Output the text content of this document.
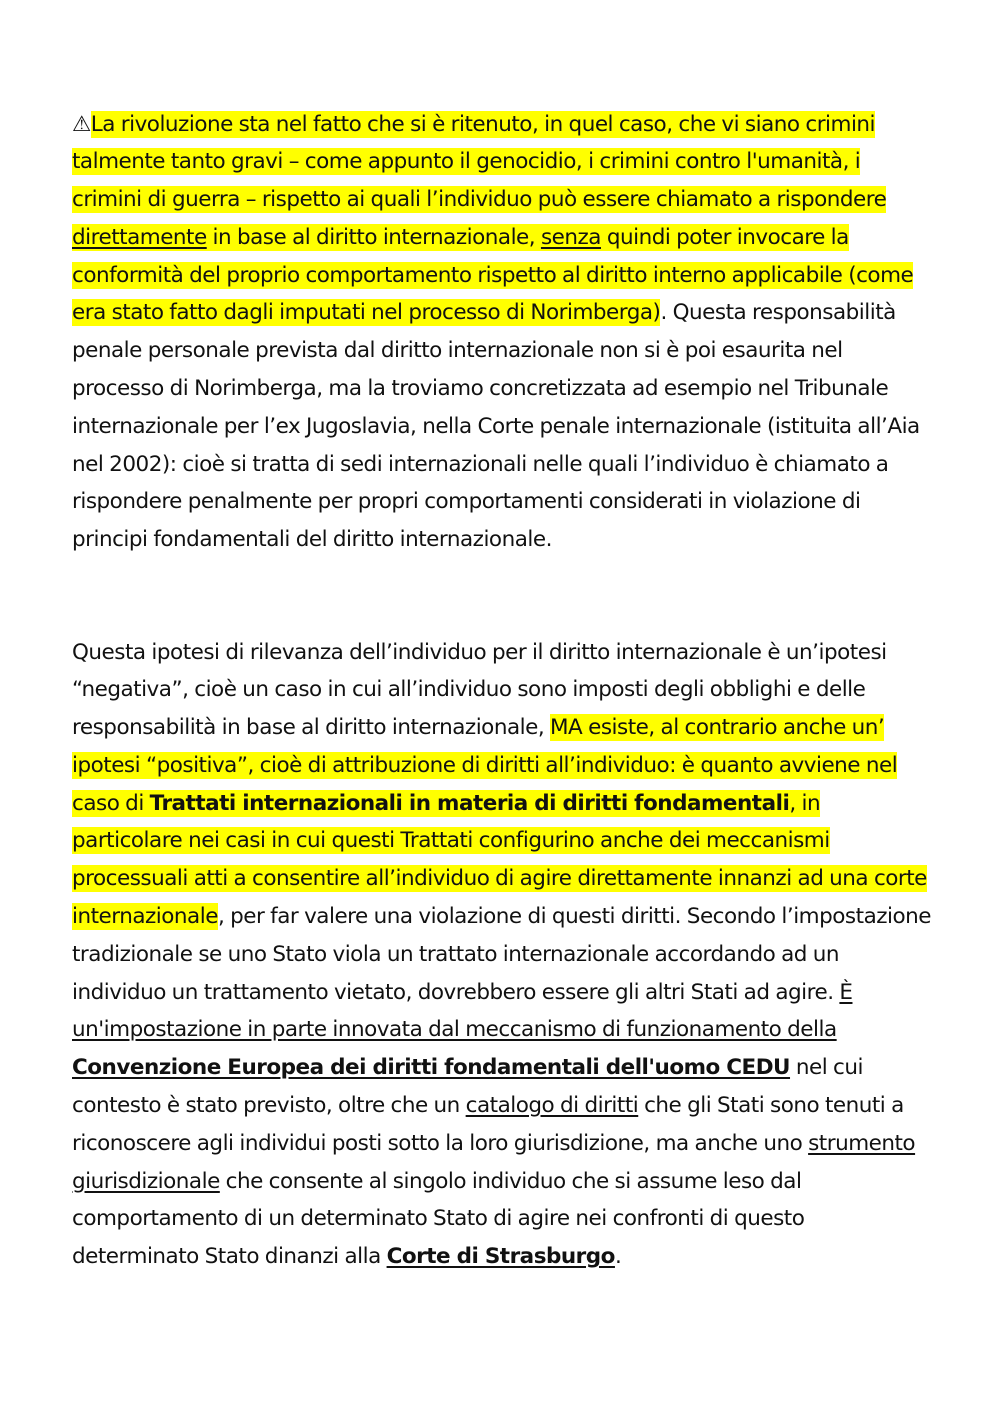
⚠La rivoluzione sta nel fatto che si è ritenuto, in quel caso, che vi siano crimini talmente tanto gravi – come appunto il genocidio, i crimini contro l'umanità, i crimini di guerra – rispetto ai quali l’individuo può essere chiamato a rispondere direttamente in base al diritto internazionale, senza quindi poter invocare la conformità del proprio comportamento rispetto al diritto interno applicabile (come era stato fatto dagli imputati nel processo di Norimberga). Questa responsabilità penale personale prevista dal diritto internazionale non si è poi esaurita nel processo di Norimberga, ma la troviamo concretizzata ad esempio nel Tribunale internazionale per l’ex Jugoslavia, nella Corte penale internazionale (istituita all’Aia nel 2002): cioè si tratta di sedi internazionali nelle quali l’individuo è chiamato a rispondere penalmente per propri comportamenti considerati in violazione di principi fondamentali del diritto internazionale.

Questa ipotesi di rilevanza dell’individuo per il diritto internazionale è un’ipotesi “negativa”, cioè un caso in cui all’individuo sono imposti degli obblighi e delle responsabilità in base al diritto internazionale, MA esiste, al contrario anche un’ ipotesi “positiva”, cioè di attribuzione di diritti all’individuo: è quanto avviene nel caso di Trattati internazionali in materia di diritti fondamentali, in particolare nei casi in cui questi Trattati configurino anche dei meccanismi processuali atti a consentire all’individuo di agire direttamente innanzi ad una corte internazionale, per far valere una violazione di questi diritti. Secondo l’impostazione tradizionale se uno Stato viola un trattato internazionale accordando ad un individuo un trattamento vietato, dovrebbero essere gli altri Stati ad agire. È un'impostazione in parte innovata dal meccanismo di funzionamento della Convenzione Europea dei diritti fondamentali dell'uomo CEDU nel cui contesto è stato previsto, oltre che un catalogo di diritti che gli Stati sono tenuti a riconoscere agli individui posti sotto la loro giurisdizione, ma anche uno strumento giurisdizionale che consente al singolo individuo che si assume leso dal comportamento di un determinato Stato di agire nei confronti di questo determinato Stato dinanzi alla Corte di Strasburgo.
